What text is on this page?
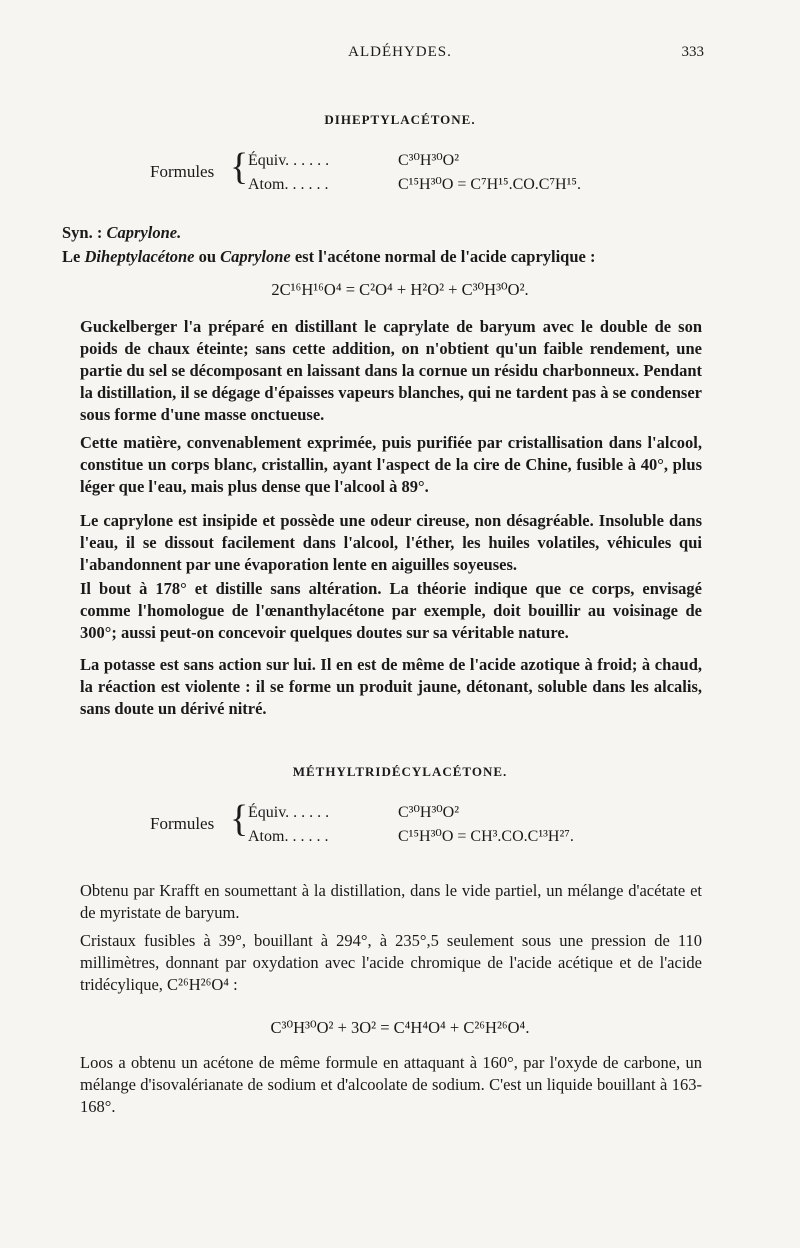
ALDÉHYDES.	333
DIHEPTYLACÉTONE.
Formules { Équiv. . . . . .	C³⁰H³⁰O²
Atom. . . . . .	C¹⁵H³⁰O = C⁷H¹⁵.CO.C⁷H¹⁵.
Syn. : Caprylone.
Le Diheptylacétone ou Caprylone est l'acétone normal de l'acide caprylique :
2C¹⁶H¹⁶O⁴ = C²O⁴ + H²O² + C³⁰H³⁰O².
Guckelberger l'a préparé en distillant le caprylate de baryum avec le double de son poids de chaux éteinte; sans cette addition, on n'obtient qu'un faible rendement, une partie du sel se décomposant en laissant dans la cornue un résidu charbonneux. Pendant la distillation, il se dégage d'épaisses vapeurs blanches, qui ne tardent pas à se condenser sous forme d'une masse onctueuse.
Cette matière, convenablement exprimée, puis purifiée par cristallisation dans l'alcool, constitue un corps blanc, cristallin, ayant l'aspect de la cire de Chine, fusible à 40°, plus léger que l'eau, mais plus dense que l'alcool à 89°.
Le caprylone est insipide et possède une odeur cireuse, non désagréable. Insoluble dans l'eau, il se dissout facilement dans l'alcool, l'éther, les huiles volatiles, véhicules qui l'abandonnent par une évaporation lente en aiguilles soyeuses.
Il bout à 178° et distille sans altération. La théorie indique que ce corps, envisagé comme l'homologue de l'œnanthylacétone par exemple, doit bouillir au voisinage de 300°; aussi peut-on concevoir quelques doutes sur sa véritable nature.
La potasse est sans action sur lui. Il en est de même de l'acide azotique à froid; à chaud, la réaction est violente : il se forme un produit jaune, détonant, soluble dans les alcalis, sans doute un dérivé nitré.
MÉTHYLTRIDÉCYLACÉTONE.
Formules { Équiv. . . . . .	C³⁰H³⁰O²
Atom. . . . . .	C¹⁵H³⁰O = CH³.CO.C¹³H²⁷.
Obtenu par Krafft en soumettant à la distillation, dans le vide partiel, un mélange d'acétate et de myristate de baryum.
Cristaux fusibles à 39°, bouillant à 294°, à 235°,5 seulement sous une pression de 110 millimètres, donnant par oxydation avec l'acide chromique de l'acide acétique et de l'acide tridécylique, C²⁶H²⁶O⁴ :
C³⁰H³⁰O² + 3O² = C⁴H⁴O⁴ + C²⁶H²⁶O⁴.
Loos a obtenu un acétone de même formule en attaquant à 160°, par l'oxyde de carbone, un mélange d'isovalérianate de sodium et d'alcoolate de sodium. C'est un liquide bouillant à 163-168°.
